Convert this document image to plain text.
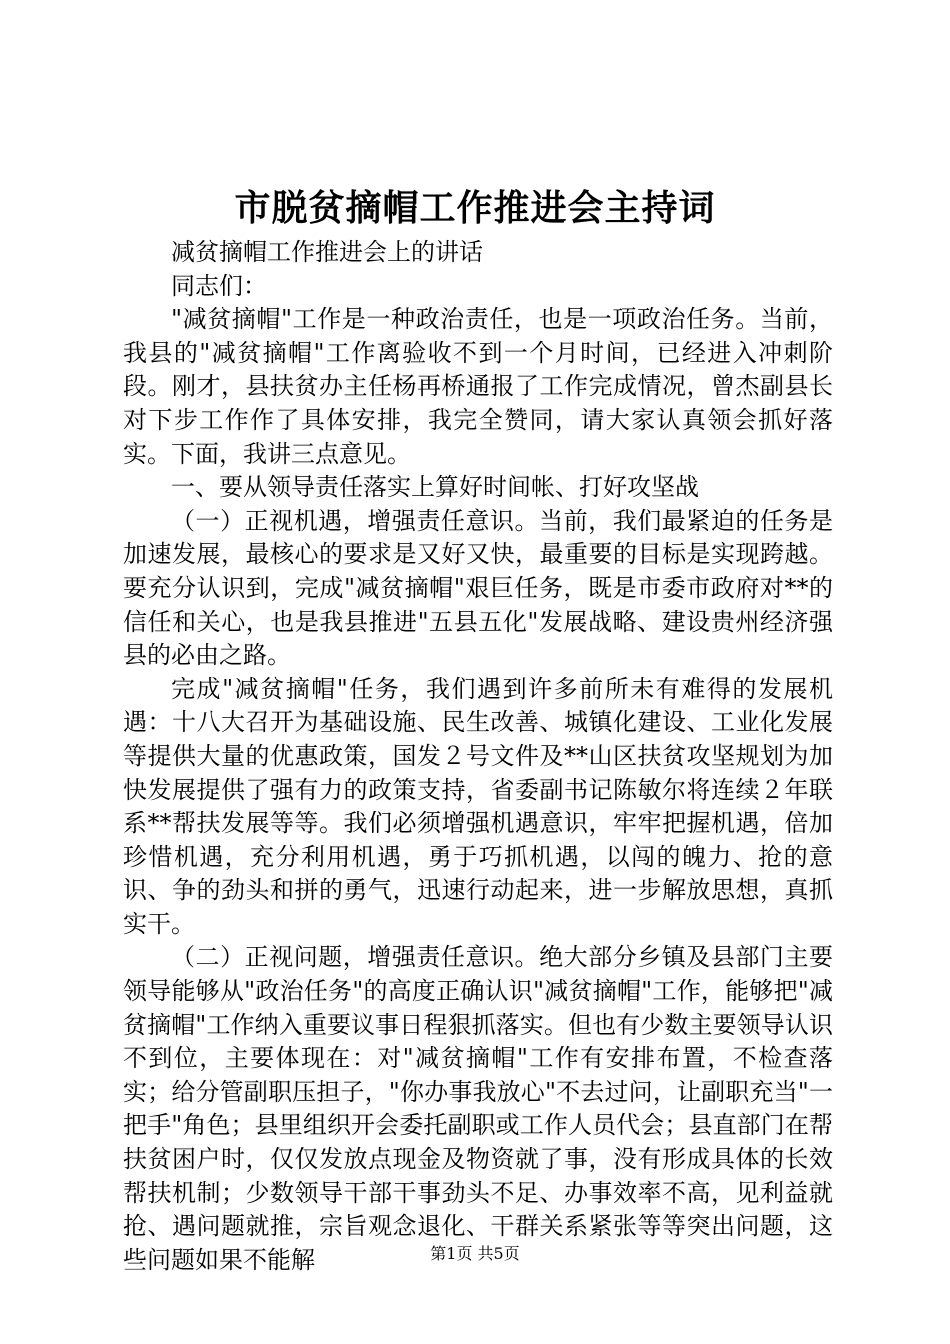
市脱贫摘帽工作推进会主持词

减贫摘帽工作推进会上的讲话

同志们：

"减贫摘帽"工作是一种政治责任，也是一项政治任务。当前，我县的"减贫摘帽"工作离验收不到一个月时间，已经进入冲刺阶段。刚才，县扶贫办主任杨再桥通报了工作完成情况，曾杰副县长对下步工作作了具体安排，我完全赞同，请大家认真领会抓好落实。下面，我讲三点意见。

一、要从领导责任落实上算好时间帐、打好攻坚战

（一）正视机遇，增强责任意识。当前，我们最紧迫的任务是加速发展，最核心的要求是又好又快，最重要的目标是实现跨越。要充分认识到，完成"减贫摘帽"艰巨任务，既是市委市政府对**的信任和关心，也是我县推进"五县五化"发展战略、建设贵州经济强县的必由之路。

完成"减贫摘帽"任务，我们遇到许多前所未有难得的发展机遇：十八大召开为基础设施、民生改善、城镇化建设、工业化发展等提供大量的优惠政策，国发２号文件及**山区扶贫攻坚规划为加快发展提供了强有力的政策支持，省委副书记陈敏尔将连续２年联系**帮扶发展等等。我们必须增强机遇意识，牢牢把握机遇，倍加珍惜机遇，充分利用机遇，勇于巧抓机遇，以闯的魄力、抢的意识、争的劲头和拼的勇气，迅速行动起来，进一步解放思想，真抓实干。

（二）正视问题，增强责任意识。绝大部分乡镇及县部门主要领导能够从"政治任务"的高度正确认识"减贫摘帽"工作，能够把"减贫摘帽"工作纳入重要议事日程狠抓落实。但也有少数主要领导认识不到位，主要体现在：对"减贫摘帽"工作有安排布置，不检查落实；给分管副职压担子，"你办事我放心"不去过问，让副职充当"一把手"角色；县里组织开会委托副职或工作人员代会；县直部门在帮扶贫困户时，仅仅发放点现金及物资就了事，没有形成具体的长效帮扶机制；少数领导干部干事劲头不足、办事效率不高，见利益就抢、遇问题就推，宗旨观念退化、干群关系紧张等等突出问题，这些问题如果不能解	第1页 共5页
